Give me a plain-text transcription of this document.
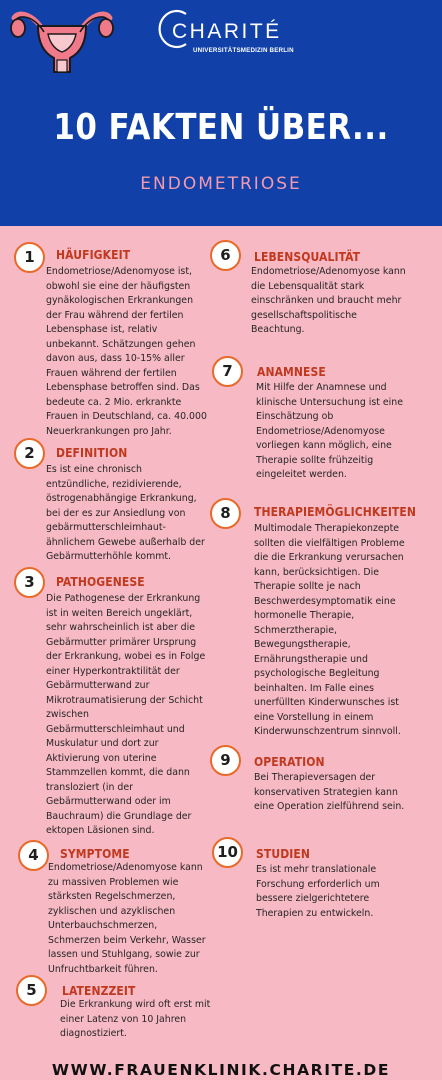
CHARITÉ
UNIVERSITÄTSMEDIZIN BERLIN
10 FAKTEN ÜBER...
ENDOMETRIOSE
1	HÄUFIGKEIT
Endometriose/Adenomyose ist,
obwohl sie eine der häufigsten
gynäkologischen Erkrankungen
der Frau während der fertilen
Lebensphase ist, relativ
unbekannt. Schätzungen gehen
davon aus, dass 10-15% aller
Frauen während der fertilen
Lebensphase betroffen sind. Das
bedeute ca. 2 Mio. erkrankte
Frauen in Deutschland, ca. 40.000
Neuerkrankungen pro Jahr.
2	DEFINITION
Es ist eine chronisch
entzündliche, rezidivierende,
östrogenabhängige Erkrankung,
bei der es zur Ansiedlung von
gebärmutterschleimhaut-
ähnlichem Gewebe außerhalb der
Gebärmutterhöhle kommt.
3	PATHOGENESE
Die Pathogenese der Erkrankung
ist in weiten Bereich ungeklärt,
sehr wahrscheinlich ist aber die
Gebärmutter primärer Ursprung
der Erkrankung, wobei es in Folge
einer Hyperkontraktilität der
Gebärmutterwand zur
Mikrotraumatisierung der Schicht
zwischen
Gebärmutterschleimhaut und
Muskulatur und dort zur
Aktivierung von uterine
Stammzellen kommt, die dann
transloziert (in der
Gebärmutterwand oder im
Bauchraum) die Grundlage der
ektopen Läsionen sind.
4	SYMPTOME
Endometriose/Adenomyose kann
zu massiven Problemen wie
stärksten Regelschmerzen,
zyklischen und azyklischen
Unterbauchschmerzen,
Schmerzen beim Verkehr, Wasser
lassen und Stuhlgang, sowie zur
Unfruchtbarkeit führen.
5	LATENZZEIT
Die Erkrankung wird oft erst mit
einer Latenz von 10 Jahren
diagnostiziert.
6	LEBENSQUALITÄT
Endometriose/Adenomyose kann
die Lebensqualität stark
einschränken und braucht mehr
gesellschaftspolitische
Beachtung.
7	ANAMNESE
Mit Hilfe der Anamnese und
klinische Untersuchung ist eine
Einschätzung ob
Endometriose/Adenomyose
vorliegen kann möglich, eine
Therapie sollte frühzeitig
eingeleitet werden.
8	THERAPIEMÖGLICHKEITEN
Multimodale Therapiekonzepte
sollten die vielfältigen Probleme
die die Erkrankung verursachen
kann, berücksichtigen. Die
Therapie sollte je nach
Beschwerdesymptomatik eine
hormonelle Therapie,
Schmerztherapie,
Bewegungstherapie,
Ernährungstherapie und
psychologische Begleitung
beinhalten. Im Falle eines
unerfüllten Kinderwunsches ist
eine Vorstellung in einem
Kinderwunschzentrum sinnvoll.
9	OPERATION
Bei Therapieversagen der
konservativen Strategien kann
eine Operation zielführend sein.
10	STUDIEN
Es ist mehr translationale
Forschung erforderlich um
bessere zielgerichtetere
Therapien zu entwickeln.
WWW.FRAUENKLINIK.CHARITE.DE
